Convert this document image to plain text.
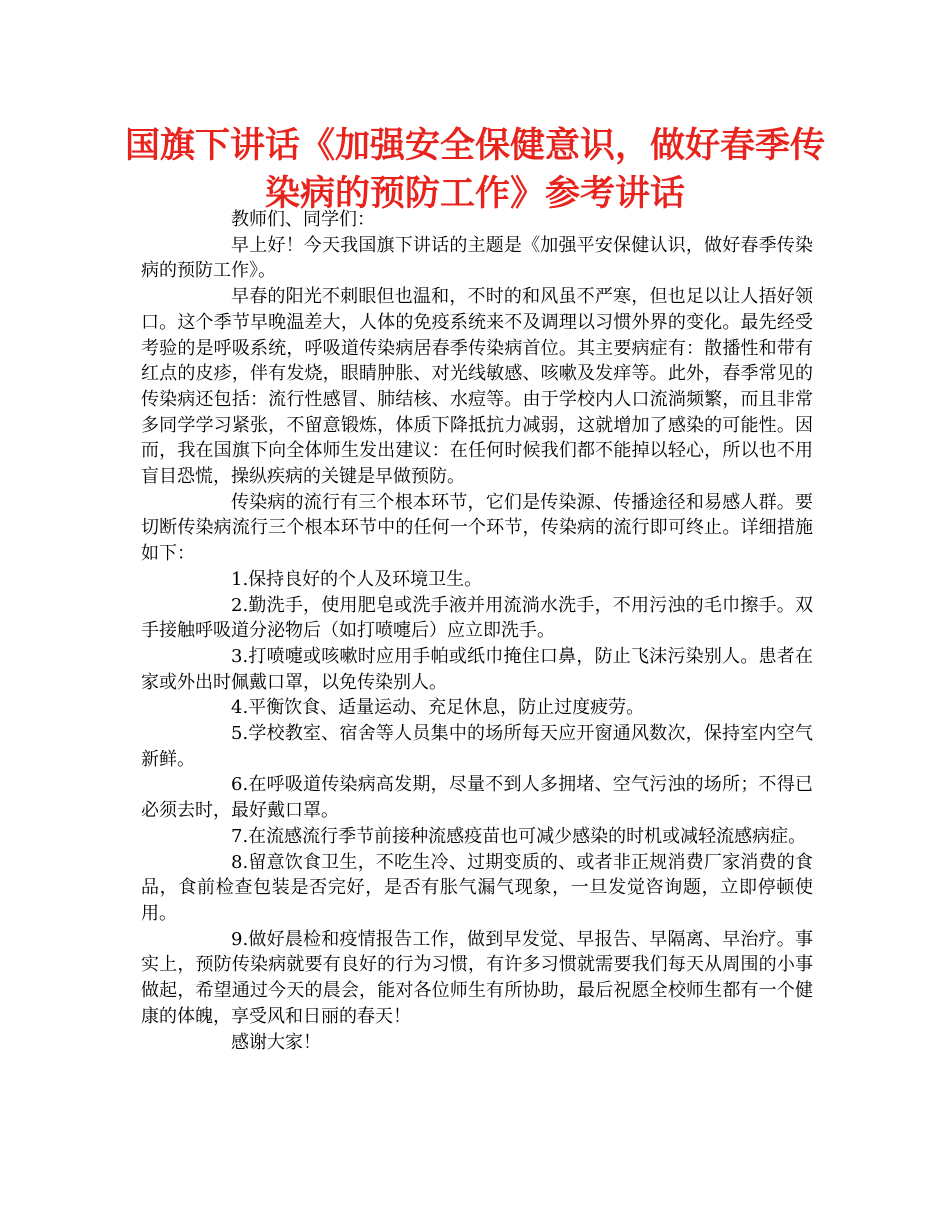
国旗下讲话《加强安全保健意识，做好春季传染病的预防工作》参考讲话

教师们、同学们：

早上好！今天我国旗下讲话的主题是《加强平安保健认识，做好春季传染病的预防工作》。

早春的阳光不刺眼但也温和，不时的和风虽不严寒，但也足以让人捂好领口。这个季节早晚温差大，人体的免疫系统来不及调理以习惯外界的变化。最先经受考验的是呼吸系统，呼吸道传染病居春季传染病首位。其主要病症有：散播性和带有红点的皮疹，伴有发烧，眼睛肿胀、对光线敏感、咳嗽及发痒等。此外，春季常见的传染病还包括：流行性感冒、肺结核、水痘等。由于学校内人口流淌频繁，而且非常多同学学习紧张，不留意锻炼，体质下降抵抗力减弱，这就增加了感染的可能性。因而，我在国旗下向全体师生发出建议：在任何时候我们都不能掉以轻心，所以也不用盲目恐慌，操纵疾病的关键是早做预防。

传染病的流行有三个根本环节，它们是传染源、传播途径和易感人群。要切断传染病流行三个根本环节中的任何一个环节，传染病的流行即可终止。详细措施如下：

1.保持良好的个人及环境卫生。

2.勤洗手，使用肥皂或洗手液并用流淌水洗手，不用污浊的毛巾擦手。双手接触呼吸道分泌物后（如打喷嚏后）应立即洗手。

3.打喷嚏或咳嗽时应用手帕或纸巾掩住口鼻，防止飞沫污染别人。患者在家或外出时佩戴口罩，以免传染别人。

4.平衡饮食、适量运动、充足休息，防止过度疲劳。

5.学校教室、宿舍等人员集中的场所每天应开窗通风数次，保持室内空气新鲜。

6.在呼吸道传染病高发期，尽量不到人多拥堵、空气污浊的场所；不得已必须去时，最好戴口罩。

7.在流感流行季节前接种流感疫苗也可减少感染的时机或减轻流感病症。

8.留意饮食卫生，不吃生冷、过期变质的、或者非正规消费厂家消费的食品，食前检查包装是否完好，是否有胀气漏气现象，一旦发觉咨询题，立即停顿使用。

9.做好晨检和疫情报告工作，做到早发觉、早报告、早隔离、早治疗。事实上，预防传染病就要有良好的行为习惯，有许多习惯就需要我们每天从周围的小事做起，希望通过今天的晨会，能对各位师生有所协助，最后祝愿全校师生都有一个健康的体魄，享受风和日丽的春天！

感谢大家！
